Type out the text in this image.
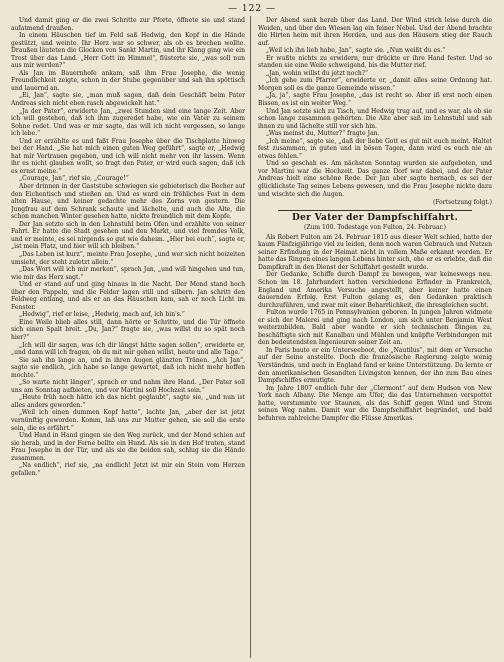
— 122 —

Und damit ging er die zwei Schritte zur Pforte, öffnete sie und stand aufatmend draußen.

In einem Häuschen tief im Feld saß Hedwig, den Kopf in die Hände gestützt, und weinte. Ihr Herz war so schwer, als ob es brechen wollte. Draußen läuteten die Glocken von Sankt Martin, und ihr Klang ging wie ein Trost über das Land. „Herr Gott im Himmel“, flüsterte sie, „was soll nun aus mir werden?“

Als Jan im Bauernhofe ankam, saß ihm Frau Josephe, die wenig Freundlichkeit zeigte, schon in der Stube gegenüber und sah ihn spöttisch und lauernd an.

„Ei, Jan“, sagte sie, „man muß sagen, daß dein Geschäft beim Pater Andreas sich nicht eben rasch abgewickelt hat.“

„Ja der Pater“, erwiderte Jan, „zwei Stunden sind eine lange Zeit. Aber ich will gestehen, daß ich ihm zugeredet habe, wie ein Vater zu seinem Sohne redet. Und was er mir sagte, das will ich nicht vergessen, so lange ich lebe.“

Und er erzählte es und faßt Frau Josephe über die Tischplatte hinweg bei der Hand. „Sie hat mich einen guten Weg geführt“, sagte er, „Hedwig hat mir Vertrauen gegeben, und ich will nicht mehr von ihr lassen. Wenn ihr es nicht glauben wollt, so fragt den Pater, er wird euch sagen, daß ich es ernst meine.“

„Courage, Jan“, rief sie, „Courage!“

Aber drinnen in der Gaststube schwiegen sie gebieterisch die Becher auf den Eichentisch und stießen an. Und es ward ein fröhliches Fest in dem alten Hause, und keiner gedachte mehr des Zorns von gestern. Die Jungfrau auf dem Schrank schaute und lächelte, und auch die Alte, die schon manchen Winter gesehen hatte, nickte freundlich mit dem Kopfe.

Der Jan setzte sich in den Lehnstuhl beim Ofen und erzählte von seiner Fahrt. Er hatte die Stadt gesehen und den Markt, und viel fremdes Volk, und er meinte, es sei nirgends so gut wie daheim. „Hier bei euch“, sagte er, „ist mein Platz, und hier will ich bleiben.“

„Das Leben ist kurz“, meinte Frau Josephe, „und wer sich nicht beizeiten umsieht, der steht zuletzt allein.“

„Das Wort will ich mir merken“, sprach Jan, „und will hingehen und tun, wie mir das Herz sagt.“

Und er stand auf und ging hinaus in die Nacht. Der Mond stand hoch über den Pappeln, und die Felder lagen still und silbern. Jan schritt den Feldweg entlang, und als er an das Häuschen kam, sah er noch Licht im Fenster.

„Hedwig“, rief er leise, „Hedwig, mach auf, ich bin's.“

Eine Weile blieb alles still, dann hörte er Schritte, und die Tür öffnete sich einen Spalt breit. „Du, Jan?“ fragte sie, „was willst du so spät noch hier?“

„Ich will dir sagen, was ich dir längst hätte sagen sollen“, erwiderte er, „und dann will ich fragen, ob du mit mir gehen willst, heute und alle Tage.“

Sie sah ihn lange an, und in ihren Augen glänzten Tränen. „Ach Jan“, sagte sie endlich, „ich habe so lange gewartet, daß ich nicht mehr hoffen mochte.“

„So warte nicht länger“, sprach er und nahm ihre Hand. „Der Pater soll uns am Sonntag aufbieten, und vor Martini soll Hochzeit sein.“

„Heute früh noch hätte ich das nicht geglaubt“, sagte sie, „und nun ist alles anders geworden.“

„Weil ich einen dummen Kopf hatte“, lachte Jan, „aber der ist jetzt vernünftig geworden. Komm, laß uns zur Mutter gehen, sie soll die erste sein, die es erfährt.“

Und Hand in Hand gingen sie den Weg zurück, und der Mond schien auf sie herab, und in der Ferne bellte ein Hund. Als sie in den Hof traten, stand Frau Josephe in der Tür, und als sie die beiden sah, schlug sie die Hände zusammen.

„Na endlich“, rief sie, „na endlich! Jetzt ist mir ein Stein vom Herzen gefallen.“

Der Abend sank herab über das Land. Der Wind strich leise durch die Weiden, und über den Wiesen lag ein feiner Nebel. Und der Abend brachte die Hirten heim mit ihren Herden, und aus den Häusern stieg der Rauch auf.

„Weil ich ihn lieb habe, Jan“, sagte sie. „Nun weißt du es.“

Er wußte nichts zu erwidern, nur drückte er ihre Hand fester. Und so standen sie eine Weile schweigend, bis die Mutter rief.

„Jan, wohin willst du jetzt noch?“

„Ich gehe zum Pfarrer“, erwiderte er, „damit alles seine Ordnung hat. Morgen soll es die ganze Gemeinde wissen.“

„Ja, ja“, sagte Frau Josephe, „das ist recht so. Aber iß erst noch einen Bissen, es ist ein weiter Weg.“

Und Jan setzte sich zu Tisch, und Hedwig trug auf, und es war, als ob sie schon lange zusammen gehörten. Die Alte aber saß im Lehnstuhl und sah ihnen zu und lächelte still vor sich hin.

„Was meinst du, Mutter?“ fragte Jan.

„Ich meine“, sagte sie, „daß der liebe Gott es gut mit euch meint. Haltet fest zusammen, in guten und in bösen Tagen, dann wird es euch nie an etwas fehlen.“

Und so geschah es. Am nächsten Sonntag wurden sie aufgeboten, und vor Martini war die Hochzeit. Das ganze Dorf war dabei, und der Pater Andreas hielt eine schöne Rede. Der Jan aber sagte hernach, es sei der glücklichste Tag seines Lebens gewesen, und die Frau Josephe nickte dazu und wischte sich die Augen.

(Fortsetzung folgt.)
Der Vater der Dampfschiffahrt.
(Zum 100. Todestage von Fulton, 24. Februar.)

Als Robert Fulton am 24. Februar 1815 aus dieser Welt schied, hatte der kaum Fünfzigjährige viel zu leiden, denn noch waren Gebrauch und Nutzen seiner Erfindung in der Heimat nicht in vollem Maße erkannt worden. Er hatte das Ringen eines langen Lebens hinter sich, ehe er es erlebte, daß die Dampfkraft in den Dienst der Schiffahrt gestellt wurde.

Der Gedanke, Schiffe durch Dampf zu bewegen, war keineswegs neu. Schon im 18. Jahrhundert hatten verschiedene Erfinder in Frankreich, England und Amerika Versuche angestellt, aber keiner hatte einen dauernden Erfolg. Erst Fulton gelang es, den Gedanken praktisch durchzuführen, und zwar mit einer Beharrlichkeit, die ihresgleichen sucht.

Fulton wurde 1765 in Pennsylvanien geboren. In jungen Jahren widmete er sich der Malerei und ging nach London, um sich unter Benjamin West weiterzubilden. Bald aber wandte er sich technischen Dingen zu, beschäftigte sich mit Kanalbau und Mühlen und knüpfte Verbindungen mit den bedeutendsten Ingenieuren seiner Zeit an.

In Paris baute er ein Unterseeboot, die „Nautilus“, mit dem er Versuche auf der Seine anstellte. Doch die französische Regierung zeigte wenig Verständnis, und auch in England fand er keine Unterstützung. Da lernte er den amerikanischen Gesandten Livingston kennen, der ihn zum Bau eines Dampfschiffes ermutigte.

Im Jahre 1807 endlich fuhr der „Clermont“ auf dem Hudson von New York nach Albany. Die Menge am Ufer, die das Unternehmen verspottet hatte, verstummte vor Staunen, als das Schiff gegen Wind und Strom seinen Weg nahm. Damit war die Dampfschiffahrt begründet, und bald befuhren zahlreiche Dampfer die Flüsse Amerikas.
